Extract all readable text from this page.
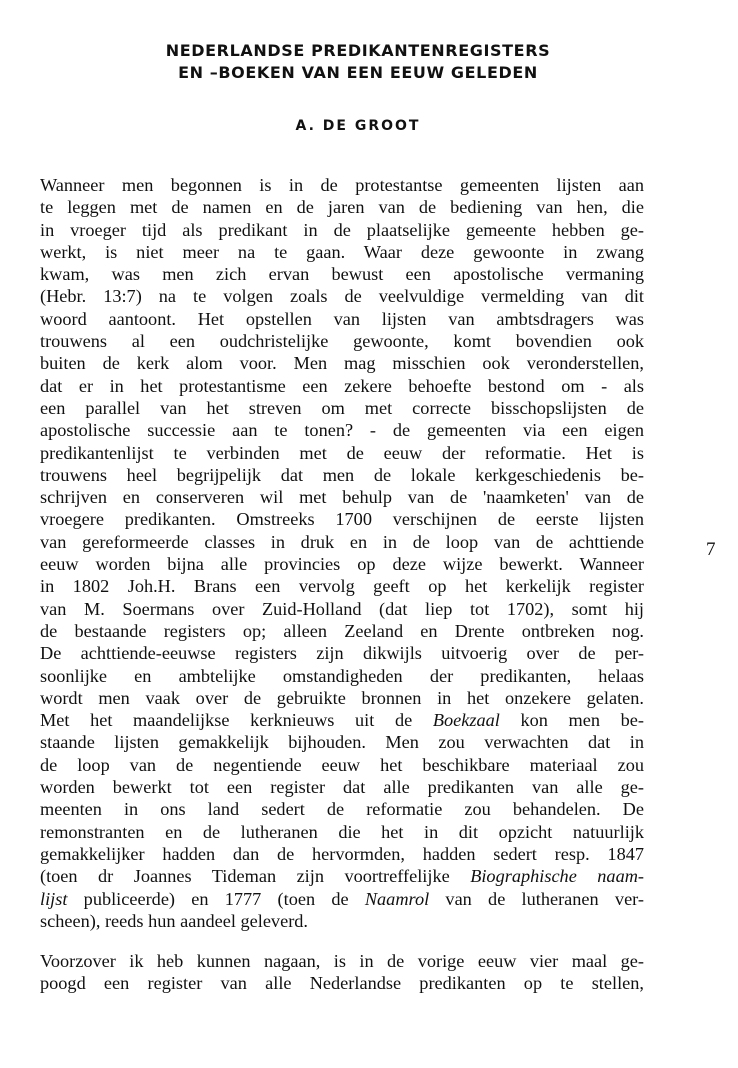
NEDERLANDSE PREDIKANTENREGISTERS
EN –BOEKEN VAN EEN EEUW GELEDEN
A. DE GROOT
Wanneer men begonnen is in de protestantse gemeenten lijsten aan
te leggen met de namen en de jaren van de bediening van hen, die
in vroeger tijd als predikant in de plaatselijke gemeente hebben ge-
werkt, is niet meer na te gaan. Waar deze gewoonte in zwang
kwam, was men zich ervan bewust een apostolische vermaning
(Hebr. 13:7) na te volgen zoals de veelvuldige vermelding van dit
woord aantoont. Het opstellen van lijsten van ambtsdragers was
trouwens al een oudchristelijke gewoonte, komt bovendien ook
buiten de kerk alom voor. Men mag misschien ook veronderstellen,
dat er in het protestantisme een zekere behoefte bestond om - als
een parallel van het streven om met correcte bisschopslijsten de
apostolische successie aan te tonen? - de gemeenten via een eigen
predikantenlijst te verbinden met de eeuw der reformatie. Het is
trouwens heel begrijpelijk dat men de lokale kerkgeschiedenis be-
schrijven en conserveren wil met behulp van de 'naamketen' van de
vroegere predikanten. Omstreeks 1700 verschijnen de eerste lijsten
van gereformeerde classes in druk en in de loop van de achttiende
eeuw worden bijna alle provincies op deze wijze bewerkt. Wanneer
in 1802 Joh.H. Brans een vervolg geeft op het kerkelijk register
van M. Soermans over Zuid-Holland (dat liep tot 1702), somt hij
de bestaande registers op; alleen Zeeland en Drente ontbreken nog.
De achttiende-eeuwse registers zijn dikwijls uitvoerig over de per-
soonlijke en ambtelijke omstandigheden der predikanten, helaas
wordt men vaak over de gebruikte bronnen in het onzekere gelaten.
Met het maandelijkse kerknieuws uit de Boekzaal kon men be-
staande lijsten gemakkelijk bijhouden. Men zou verwachten dat in
de loop van de negentiende eeuw het beschikbare materiaal zou
worden bewerkt tot een register dat alle predikanten van alle ge-
meenten in ons land sedert de reformatie zou behandelen. De
remonstranten en de lutheranen die het in dit opzicht natuurlijk
gemakkelijker hadden dan de hervormden, hadden sedert resp. 1847
(toen dr Joannes Tideman zijn voortreffelijke Biographische naam-
lijst publiceerde) en 1777 (toen de Naamrol van de lutheranen ver-
scheen), reeds hun aandeel geleverd.
Voorzover ik heb kunnen nagaan, is in de vorige eeuw vier maal ge-
poogd een register van alle Nederlandse predikanten op te stellen,
7
